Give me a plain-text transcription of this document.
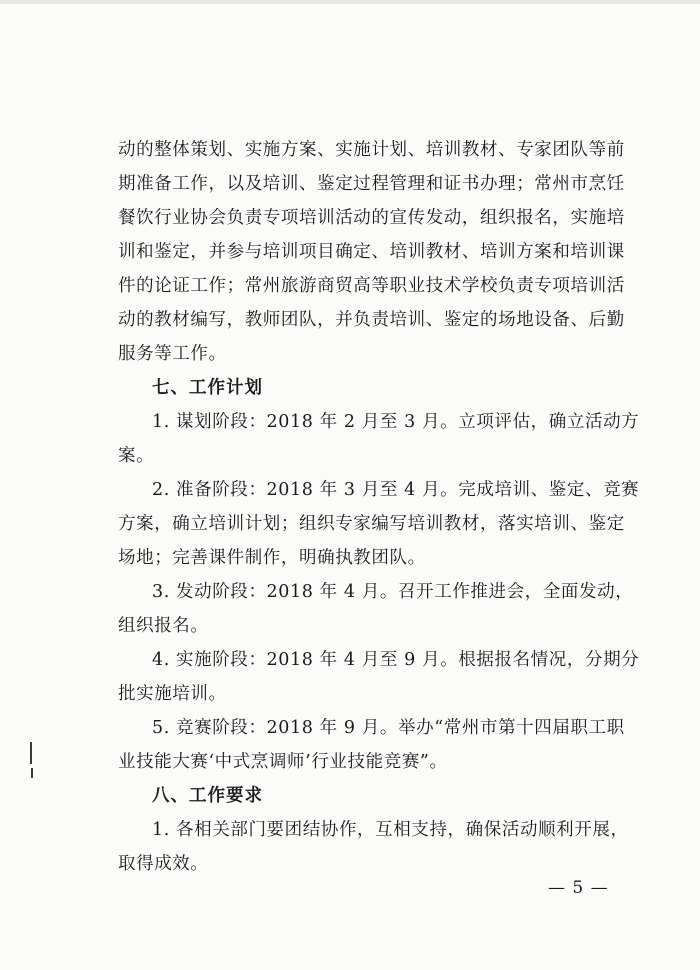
动的整体策划、实施方案、实施计划、培训教材、专家团队等前
期准备工作，以及培训、鉴定过程管理和证书办理；常州市烹饪
餐饮行业协会负责专项培训活动的宣传发动，组织报名，实施培
训和鉴定，并参与培训项目确定、培训教材、培训方案和培训课
件的论证工作；常州旅游商贸高等职业技术学校负责专项培训活
动的教材编写，教师团队，并负责培训、鉴定的场地设备、后勤
服务等工作。
七、工作计划
1. 谋划阶段：2018 年 2 月至 3 月。立项评估，确立活动方
案。
2. 准备阶段：2018 年 3 月至 4 月。完成培训、鉴定、竞赛
方案，确立培训计划；组织专家编写培训教材，落实培训、鉴定
场地；完善课件制作，明确执教团队。
3. 发动阶段：2018 年 4 月。召开工作推进会，全面发动，
组织报名。
4. 实施阶段：2018 年 4 月至 9 月。根据报名情况，分期分
批实施培训。
5. 竞赛阶段：2018 年 9 月。举办“常州市第十四届职工职
业技能大赛‘中式烹调师’行业技能竞赛”。
八、工作要求
1. 各相关部门要团结协作，互相支持，确保活动顺利开展，
取得成效。
— 5 —
